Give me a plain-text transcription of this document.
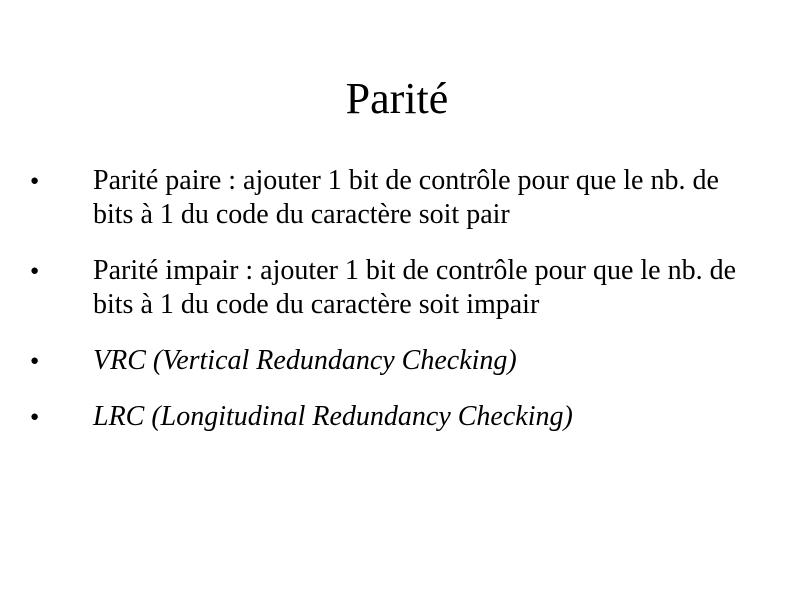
Parité
●	Parité paire : ajouter 1 bit de contrôle pour que le nb. de bits à 1 du code du caractère soit pair
●	Parité impair : ajouter 1 bit de contrôle pour que le nb. de bits à 1 du code du caractère soit impair
●	VRC (Vertical Redundancy Checking)
●	LRC (Longitudinal Redundancy Checking)
